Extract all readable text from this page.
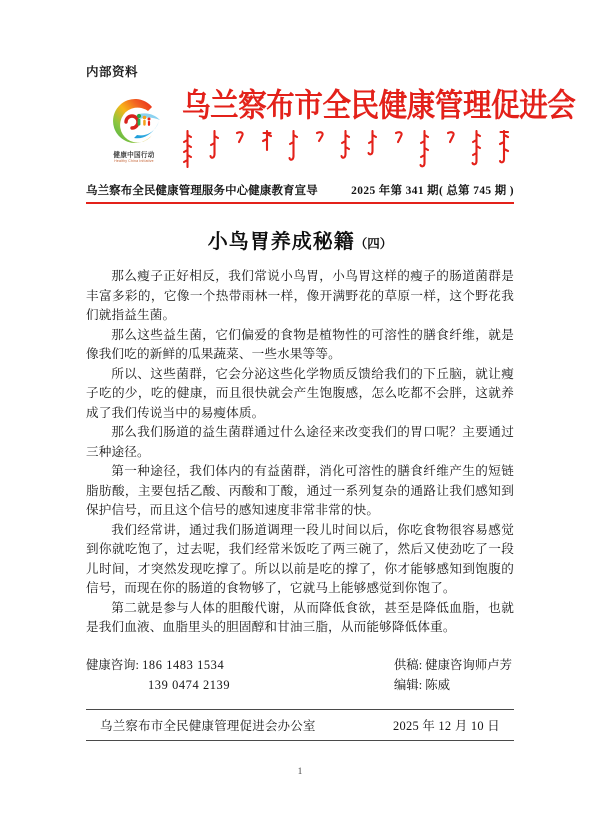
内部资料
健康中国行动
Healthy China Initiative
乌兰察布市全民健康管理促进会
乌兰察布全民健康管理服务中心健康教育宣导	2025 年第 341 期( 总第 745 期 )
小鸟胃养成秘籍（四）

那么瘦子正好相反，我们常说小鸟胃，小鸟胃这样的瘦子的肠道菌群是丰富多彩的，它像一个热带雨林一样，像开满野花的草原一样，这个野花我们就指益生菌。

那么这些益生菌，它们偏爱的食物是植物性的可溶性的膳食纤维，就是像我们吃的新鲜的瓜果蔬菜、一些水果等等。

所以、这些菌群，它会分泌这些化学物质反馈给我们的下丘脑，就让瘦子吃的少，吃的健康，而且很快就会产生饱腹感，怎么吃都不会胖，这就养成了我们传说当中的易瘦体质。

那么我们肠道的益生菌群通过什么途径来改变我们的胃口呢？主要通过三种途径。

第一种途径，我们体内的有益菌群，消化可溶性的膳食纤维产生的短链脂肪酸，主要包括乙酸、丙酸和丁酸，通过一系列复杂的通路让我们感知到保护信号，而且这个信号的感知速度非常非常的快。

我们经常讲，通过我们肠道调理一段儿时间以后，你吃食物很容易感觉到你就吃饱了，过去呢，我们经常米饭吃了两三碗了，然后又使劲吃了一段儿时间，才突然发现吃撑了。所以以前是吃的撑了，你才能够感知到饱腹的信号，而现在你的肠道的食物够了，它就马上能够感觉到你饱了。

第二就是参与人体的胆酸代谢，从而降低食欲，甚至是降低血脂，也就是我们血液、血脂里头的胆固醇和甘油三脂，从而能够降低体重。

健康咨询: 186 1483 1534
139 0474 2139
供稿: 健康咨询师卢芳
编辑: 陈威
乌兰察布市全民健康管理促进会办公室	2025 年 12 月 10 日
1
